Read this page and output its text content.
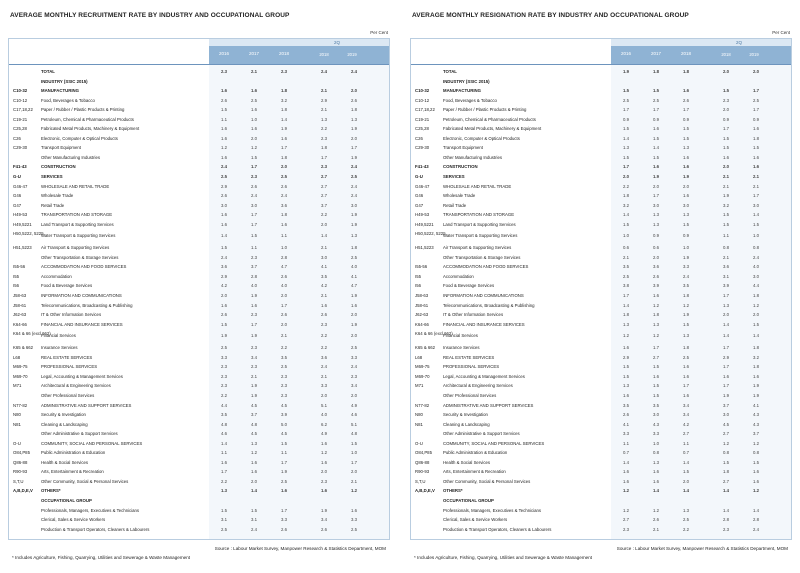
AVERAGE MONTHLY RECRUITMENT RATE BY INDUSTRY AND OCCUPATIONAL GROUP
Per Cent
2016	2017	2018
2Q
2018	2019
TOTAL	2.3	2.1	2.3	2.4	2.4
INDUSTRY (SSIC 2015)
C10-32	MANUFACTURING	1.6	1.6	1.8	2.1	2.0
C10-12	Food, Beverages & Tobacco	2.6	2.5	3.2	2.9	2.6
C17,18,22	Paper / Rubber / Plastic Products & Printing	1.5	1.6	1.8	2.1	1.8
C19-21	Petroleum, Chemical & Pharmaceutical Products	1.1	1.0	1.4	1.3	1.3
C25,28	Fabricated Metal Products, Machinery & Equipment	1.6	1.6	1.9	2.2	1.9
C26	Electronic, Computer & Optical Products	1.6	2.0	1.6	2.3	2.0
C29-30	Transport Equipment	1.2	1.2	1.7	1.8	1.7
Other Manufacturing Industries	1.6	1.5	1.8	1.7	1.9
F41-43	CONSTRUCTION	2.4	1.7	2.0	2.3	2.4
G-U	SERVICES	2.5	2.3	2.5	2.7	2.5
G46-47	WHOLESALE AND RETAIL TRADE	2.9	2.6	2.6	2.7	2.4
G46	Wholesale Trade	2.6	2.4	2.4	2.7	2.4
G47	Retail Trade	3.0	3.0	3.6	3.7	3.0
H49-53	TRANSPORTATION AND STORAGE	1.6	1.7	1.8	2.2	1.9
H49,5221	Land Transport & Supporting Services	1.6	1.7	1.6	2.0	1.9
H50,5222, 5225
Water Transport & Supporting Services	1.4	1.5	1.1	1.4	1.3
H51,5223	Air Transport & Supporting Services	1.5	1.1	1.0	2.1	1.8
Other Transportation & Storage Services	2.4	2.3	2.8	3.0	2.5
I55-56	ACCOMMODATION AND FOOD SERVICES	3.6	3.7	4.7	4.1	4.0
I55	Accommodation	2.9	2.8	2.6	3.5	4.1
I56	Food & Beverage Services	4.2	4.0	4.0	4.2	4.7
J58-63	INFORMATION AND COMMUNICATIONS	2.0	1.9	2.0	2.1	1.9
J58-61	Telecommunications, Broadcasting & Publishing	1.6	1.6	1.7	1.6	1.6
J62-63	IT & Other Information Services	2.6	2.3	2.6	2.6	2.0
K64-66	FINANCIAL AND INSURANCE SERVICES	1.5	1.7	2.0	2.3	1.9
K64 & 66 (excl 662)
Financial Services	1.9	1.9	2.1	2.2	2.0
K65 & 662	Insurance Services	2.5	2.3	2.2	2.2	2.5
L68	REAL ESTATE SERVICES	3.3	3.4	3.5	3.6	3.3
M69-75	PROFESSIONAL SERVICES	2.3	2.3	2.5	2.4	2.4
M69-70	Legal, Accounting & Management Services	2.3	2.1	2.3	2.1	2.3
M71	Architectural & Engineering Services	2.3	1.9	2.3	3.3	3.4
Other Professional Services	2.2	1.9	2.3	2.0	2.0
N77-82	ADMINISTRATIVE AND SUPPORT SERVICES	4.4	4.5	4.5	5.1	4.9
N80	Security & Investigation	3.5	3.7	3.9	4.0	4.6
N81	Cleaning & Landscaping	4.8	4.8	5.0	6.2	5.1
Other Administrative & Support Services	4.6	4.5	4.5	4.9	4.8
O-U	COMMUNITY, SOCIAL AND PERSONAL SERVICES	1.4	1.3	1.5	1.6	1.5
O84,P85	Public Administration & Education	1.1	1.2	1.1	1.2	1.0
Q86-88	Health & Social Services	1.6	1.6	1.7	1.6	1.7
R90-93	Arts, Entertainment & Recreation	1.7	1.6	1.9	2.0	2.0
S,T,U	Other Community, Social & Personal Services	2.2	2.0	2.5	2.3	2.1
A,B,D,E,V	OTHERS*	1.3	1.4	1.6	1.6	1.2
OCCUPATIONAL GROUP
Professionals, Managers, Executives & Technicians	1.5	1.5	1.7	1.9	1.6
Clerical, Sales & Service Workers	3.1	3.1	3.3	3.4	3.3
Production & Transport Operators, Cleaners & Labourers	2.5	2.4	2.6	2.6	2.5
Source : Labour Market Survey, Manpower Research & Statistics Department, MOM
* Includes Agriculture, Fishing, Quarrying, Utilities and Sewerage & Waste Management
AVERAGE MONTHLY RESIGNATION RATE BY INDUSTRY AND OCCUPATIONAL GROUP
Per Cent
2016	2017	2018
2Q
2018	2019
TOTAL	1.9	1.8	1.8	2.0	2.0
INDUSTRY (SSIC 2015)
C10-32	MANUFACTURING	1.5	1.5	1.6	1.5	1.7
C10-12	Food, Beverages & Tobacco	2.5	2.5	2.6	2.3	2.5
C17,18,22	Paper / Rubber / Plastic Products & Printing	1.7	1.7	1.7	2.0	1.7
C19-21	Petroleum, Chemical & Pharmaceutical Products	0.9	0.9	0.9	0.9	0.9
C25,28	Fabricated Metal Products, Machinery & Equipment	1.5	1.6	1.5	1.7	1.6
C26	Electronic, Computer & Optical Products	1.4	1.5	1.5	1.5	1.8
C29-30	Transport Equipment	1.3	1.4	1.3	1.5	1.5
Other Manufacturing Industries	1.5	1.5	1.6	1.6	1.6
F41-43	CONSTRUCTION	1.7	1.6	1.6	2.0	1.6
G-U	SERVICES	2.0	1.9	1.9	2.1	2.1
G46-47	WHOLESALE AND RETAIL TRADE	2.2	2.0	2.0	2.1	2.1
G46	Wholesale Trade	1.8	1.7	1.6	1.9	1.7
G47	Retail Trade	3.2	3.0	3.0	3.2	3.0
H49-53	TRANSPORTATION AND STORAGE	1.4	1.3	1.3	1.5	1.4
H49,5221	Land Transport & Supporting Services	1.5	1.3	1.5	1.5	1.5
H50,5222, 5225
Water Transport & Supporting Services	1.0	0.9	0.9	1.1	1.0
H51,5223	Air Transport & Supporting Services	0.6	0.6	1.0	0.8	0.8
Other Transportation & Storage Services	2.1	2.0	1.9	2.1	2.4
I55-56	ACCOMMODATION AND FOOD SERVICES	3.5	3.6	3.3	3.6	4.0
I55	Accommodation	2.5	2.6	2.4	3.1	3.0
I56	Food & Beverage Services	3.8	3.9	3.5	3.9	4.4
J58-63	INFORMATION AND COMMUNICATIONS	1.7	1.6	1.8	1.7	1.8
J58-61	Telecommunications, Broadcasting & Publishing	1.4	1.2	1.2	1.3	1.2
J62-63	IT & Other Information Services	1.8	1.8	1.9	2.0	2.0
K64-66	FINANCIAL AND INSURANCE SERVICES	1.3	1.3	1.5	1.4	1.5
K64 & 66 (excl 662)
Financial Services	1.2	1.2	1.3	1.4	1.4
K65 & 662	Insurance Services	1.6	1.7	1.8	1.7	1.8
L68	REAL ESTATE SERVICES	2.9	2.7	2.5	2.9	3.2
M69-75	PROFESSIONAL SERVICES	1.5	1.5	1.6	1.7	1.8
M69-70	Legal, Accounting & Management Services	1.5	1.6	1.6	1.6	1.6
M71	Architectural & Engineering Services	1.3	1.5	1.7	1.7	1.9
Other Professional Services	1.6	1.5	1.6	1.9	1.9
N77-82	ADMINISTRATIVE AND SUPPORT SERVICES	3.5	3.5	3.4	3.7	4.1
N80	Security & Investigation	2.6	3.0	3.4	3.0	4.3
N81	Cleaning & Landscaping	4.1	4.3	4.2	4.5	4.3
Other Administrative & Support Services	3.3	3.3	2.7	2.7	3.7
O-U	COMMUNITY, SOCIAL AND PERSONAL SERVICES	1.1	1.0	1.1	1.2	1.2
O84,P85	Public Administration & Education	0.7	0.8	0.7	0.8	0.8
Q86-88	Health & Social Services	1.4	1.3	1.4	1.5	1.5
R90-93	Arts, Entertainment & Recreation	1.6	1.6	1.5	1.8	1.6
S,T,U	Other Community, Social & Personal Services	1.6	1.6	2.0	2.7	1.6
A,B,D,E,V	OTHERS*	1.2	1.4	1.4	1.4	1.2
OCCUPATIONAL GROUP
Professionals, Managers, Executives & Technicians	1.2	1.2	1.3	1.4	1.4
Clerical, Sales & Service Workers	2.7	2.6	2.5	2.8	2.8
Production & Transport Operators, Cleaners & Labourers	2.3	2.1	2.2	2.3	2.4
Source : Labour Market Survey, Manpower Research & Statistics Department, MOM
* Includes Agriculture, Fishing, Quarrying, Utilities and Sewerage & Waste Management
